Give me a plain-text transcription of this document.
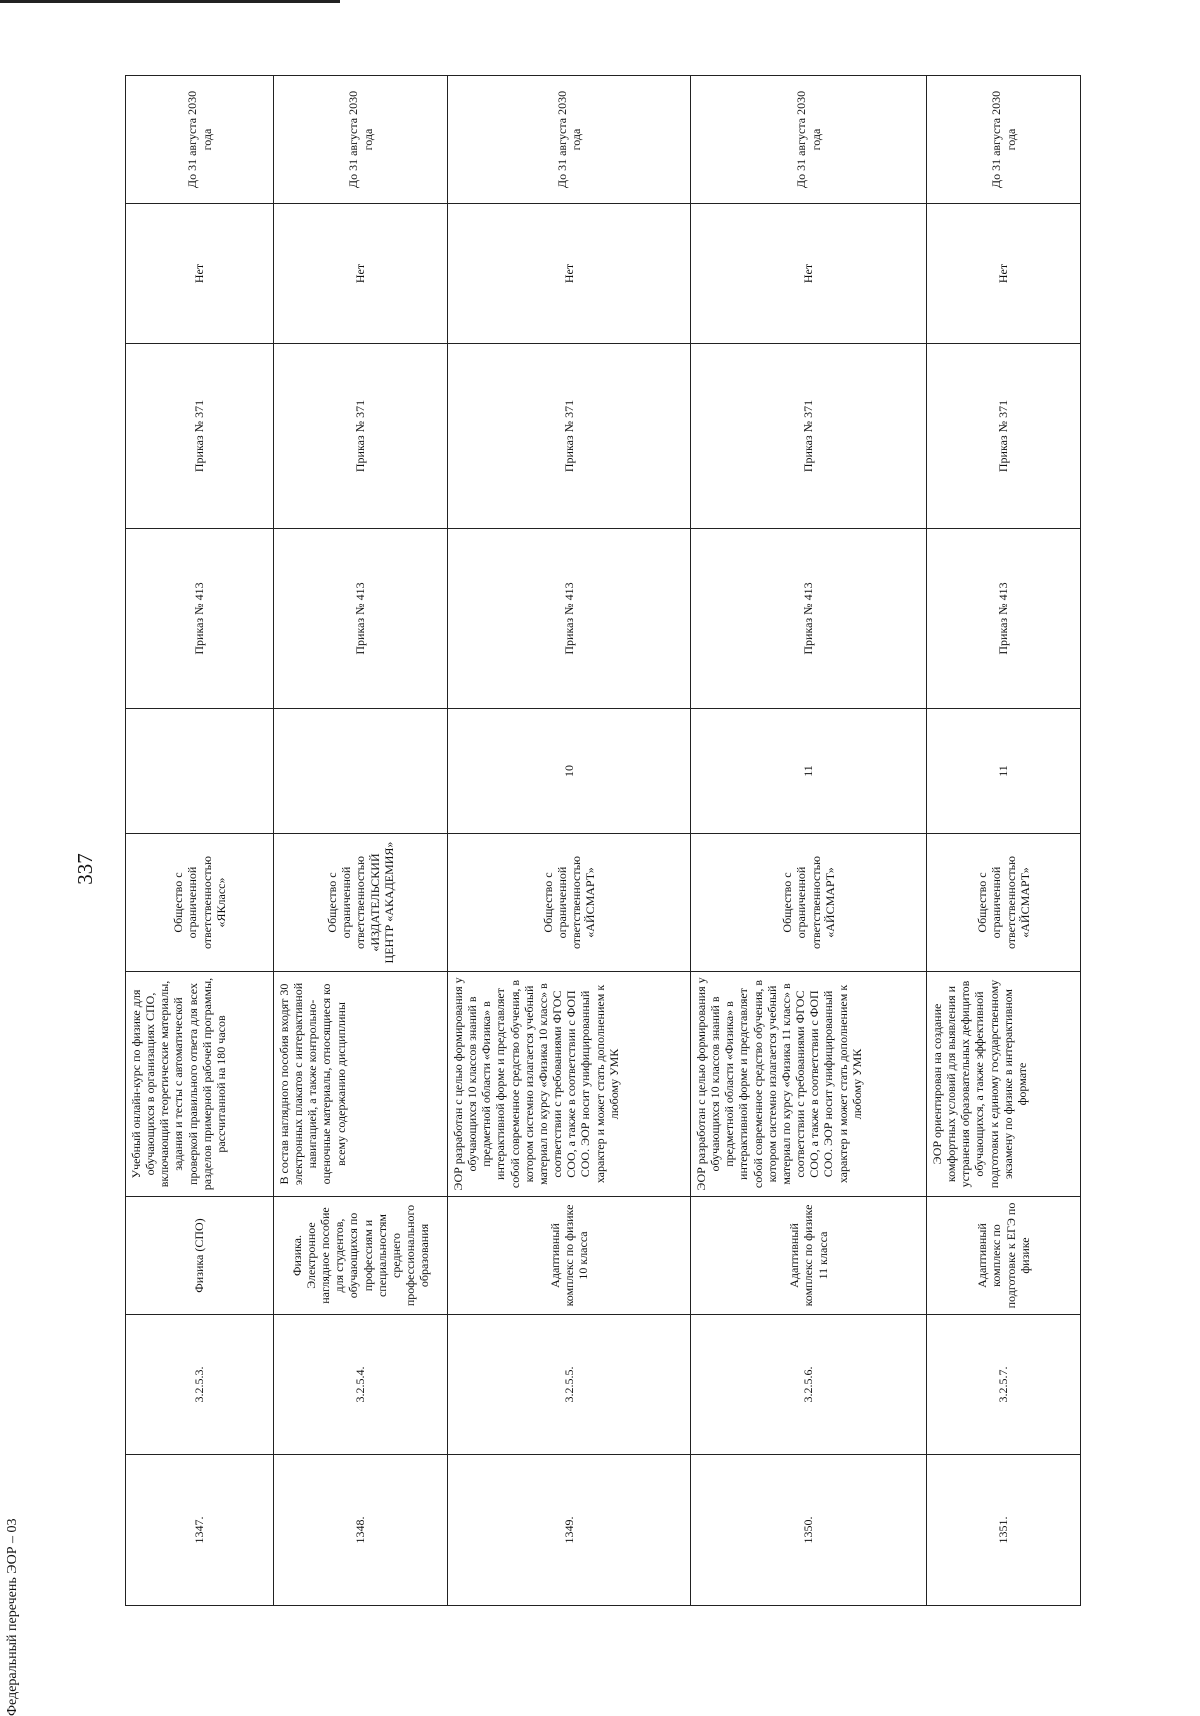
337
Федеральный перечень ЭОР – 03	1347.	3.2.5.3.	Физика (СПО)	Учебный онлайн-курс по физике для обучающихся в организациях СПО, включающий теоретические материалы, задания и тесты с автоматической проверкой правильного ответа для всех разделов примерной рабочей программы, рассчитанной на 180 часов	Общество с ограниченной ответственностью «ЯКласс»		Приказ № 413	Приказ № 371	Нет	До 31 августа 2030 года
1348.	3.2.5.4.	Физика. Электронное наглядное пособие для студентов, обучающихся по профессиям и специальностям среднего профессионального образования	В состав наглядного пособия входят 30 электронных плакатов с интерактивной навигацией, а также контрольно-оценочные материалы, относящиеся ко всему содержанию дисциплины	Общество с ограниченной ответственностью «ИЗДАТЕЛЬСКИЙ ЦЕНТР «АКАДЕМИЯ»		Приказ № 413	Приказ № 371	Нет	До 31 августа 2030 года
1349.	3.2.5.5.	Адаптивный комплекс по физике 10 класса	ЭОР разработан с целью формирования у обучающихся 10 классов знаний в предметной области «Физика» в интерактивной форме и представляет собой современное средство обучения, в котором системно излагается учебный материал по курсу «Физика 10 класс» в соответствии с требованиями ФГОС СОО, а также в соответствии с ФОП СОО. ЭОР носит унифицированный характер и может стать дополнением к любому УМК	Общество с ограниченной ответственностью «АЙСМАРТ»	10	Приказ № 413	Приказ № 371	Нет	До 31 августа 2030 года
1350.	3.2.5.6.	Адаптивный комплекс по физике 11 класса	ЭОР разработан с целью формирования у обучающихся 10 классов знаний в предметной области «Физика» в интерактивной форме и представляет собой современное средство обучения, в котором системно излагается учебный материал по курсу «Физика 11 класс» в соответствии с требованиями ФГОС СОО, а также в соответствии с ФОП СОО. ЭОР носит унифицированный характер и может стать дополнением к любому УМК	Общество с ограниченной ответственностью «АЙСМАРТ»	11	Приказ № 413	Приказ № 371	Нет	До 31 августа 2030 года
1351.	3.2.5.7.	Адаптивный комплекс по подготовке к ЕГЭ по физике	ЭОР ориентирован на создание комфортных условий для выявления и устранения образовательных дефицитов обучающихся, а также эффективной подготовки к единому государственному экзамену по физике в интерактивном формате	Общество с ограниченной ответственностью «АЙСМАРТ»	11	Приказ № 413	Приказ № 371	Нет	До 31 августа 2030 года
